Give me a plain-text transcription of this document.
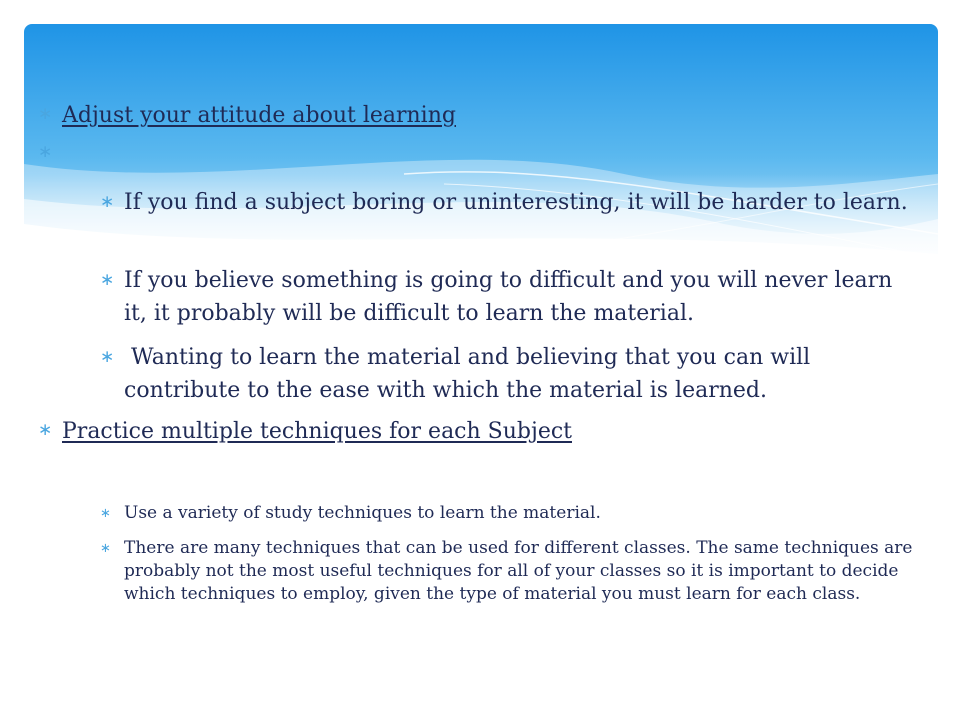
∗ Adjust your attitude about learning
∗
∗ If you find a subject boring or uninteresting, it will be harder to learn.
∗ If you believe something is going to difficult and you will never learn it, it probably will be difficult to learn the material.
∗ Wanting to learn the material and believing that you can will contribute to the ease with which the material is learned.
∗ Practice multiple techniques for each Subject
∗ Use a variety of study techniques to learn the material.
∗ There are many techniques that can be used for different classes. The same techniques are probably not the most useful techniques for all of your classes so it is important to decide which techniques to employ, given the type of material you must learn for each class.
